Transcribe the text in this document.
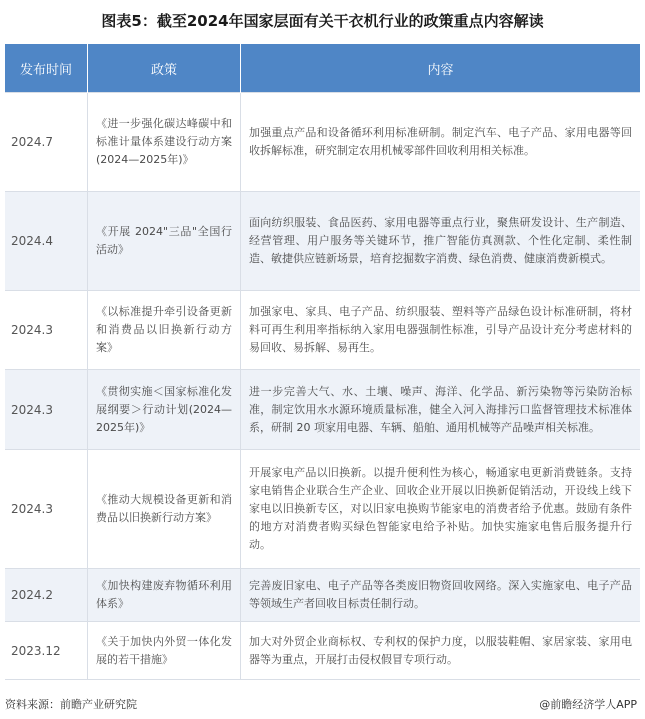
图表5：截至2024年国家层面有关干衣机行业的政策重点内容解读
发布时间	政策	内容
2024.7	《进一步强化碳达峰碳中和标准计量体系建设行动方案(2024—2025年)》	加强重点产品和设备循环利用标准研制。制定汽车、电子产品、家用电器等回收拆解标准，研究制定农用机械零部件回收利用相关标准。
2024.4	《开展 2024"三品"全国行活动》	面向纺织服装、食品医药、家用电器等重点行业，聚焦研发设计、生产制造、经营管理、用户服务等关键环节，推广智能仿真测款、个性化定制、柔性制造、敏捷供应链新场景，培育挖掘数字消费、绿色消费、健康消费新模式。
2024.3	《以标准提升牵引设备更新和消费品以旧换新行动方案》	加强家电、家具、电子产品、纺织服装、塑料等产品绿色设计标准研制，将材料可再生利用率指标纳入家用电器强制性标准，引导产品设计充分考虑材料的易回收、易拆解、易再生。
2024.3	《贯彻实施＜国家标准化发展纲要＞行动计划(2024—2025年)》	进一步完善大气、水、土壤、噪声、海洋、化学品、新污染物等污染防治标准，制定饮用水水源环境质量标准，健全入河入海排污口监督管理技术标准体系，研制 20 项家用电器、车辆、船舶、通用机械等产品噪声相关标准。
2024.3	《推动大规模设备更新和消费品以旧换新行动方案》	开展家电产品以旧换新。以提升便利性为核心，畅通家电更新消费链条。支持家电销售企业联合生产企业、回收企业开展以旧换新促销活动，开设线上线下家电以旧换新专区，对以旧家电换购节能家电的消费者给予优惠。鼓励有条件的地方对消费者购买绿色智能家电给予补贴。加快实施家电售后服务提升行动。
2024.2	《加快构建废弃物循环利用体系》	完善废旧家电、电子产品等各类废旧物资回收网络。深入实施家电、电子产品等领域生产者回收目标责任制行动。
2023.12	《关于加快内外贸一体化发展的若干措施》	加大对外贸企业商标权、专利权的保护力度，以服装鞋帽、家居家装、家用电器等为重点，开展打击侵权假冒专项行动。
资料来源：前瞻产业研究院	@前瞻经济学人APP
